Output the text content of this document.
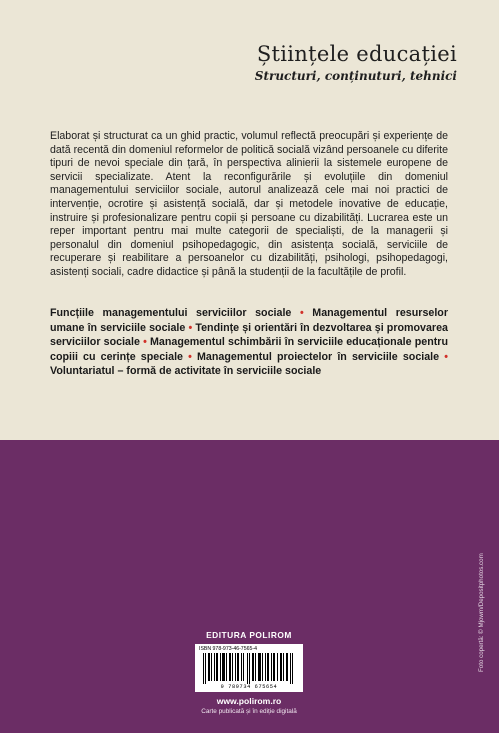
Științele educației
Structuri, conținuturi, tehnici
Elaborat și structurat ca un ghid practic, volumul reflectă preocupări și experiențe de dată recentă din domeniul reformelor de politică socială vizând persoanele cu diferite tipuri de nevoi speciale din țară, în perspectiva alinierii la sistemele europene de servicii specializate. Atent la reconfigurările și evoluțiile din domeniul managementului serviciilor sociale, autorul analizează cele mai noi practici de intervenție, ocrotire și asistență socială, dar și metodele inovative de educație, instruire și profesionalizare pentru copii și persoane cu dizabilități. Lucrarea este un reper important pentru mai multe categorii de specialiști, de la managerii și personalul din domeniul psihopedagogic, din asistența socială, serviciile de recuperare și reabilitare a persoanelor cu dizabilități, psihologi, psihopedagogi, asistenți sociali, cadre didactice și până la studenții de la facultățile de profil.
Funcțiile managementului serviciilor sociale • Managementul resurselor umane în serviciile sociale • Tendințe și orientări în dezvoltarea și promovarea serviciilor sociale • Managementul schimbării în serviciile educaționale pentru copiii cu cerințe speciale • Managementul proiectelor în serviciile sociale • Voluntariatul – formă de activitate în serviciile sociale
EDITURA POLIROM
ISBN 978-973-46-7565-4
9 789734 675654
www.polirom.ro
Carte publicată și în ediție digitală
Foto copertă: © Mjowm/Depositphotos.com
